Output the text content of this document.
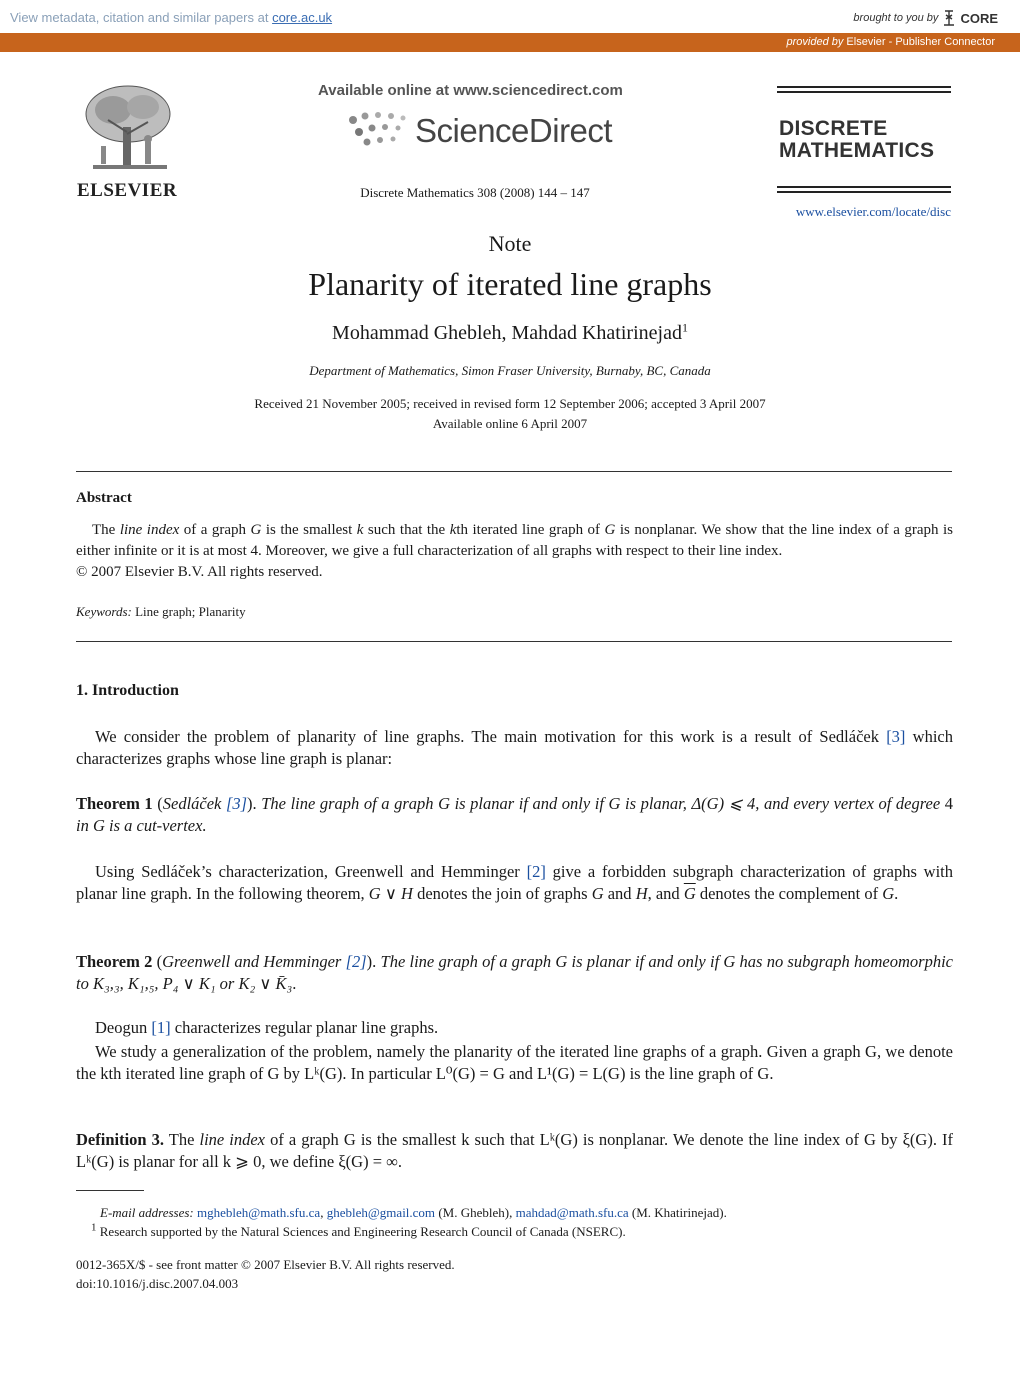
View metadata, citation and similar papers at core.ac.uk	brought to you by CORE
provided by Elsevier - Publisher Connector
ELSEVIER
Available online at www.sciencedirect.com
ScienceDirect
Discrete Mathematics 308 (2008) 144 – 147
DISCRETE
MATHEMATICS
www.elsevier.com/locate/disc
Note
Planarity of iterated line graphs
Mohammad Ghebleh, Mahdad Khatirinejad$^1$
Department of Mathematics, Simon Fraser University, Burnaby, BC, Canada
Received 21 November 2005; received in revised form 12 September 2006; accepted 3 April 2007
Available online 6 April 2007
Abstract
The line index of a graph G is the smallest k such that the kth iterated line graph of G is nonplanar. We show that the line index of a graph is either infinite or it is at most 4. Moreover, we give a full characterization of all graphs with respect to their line index.
© 2007 Elsevier B.V. All rights reserved.
Keywords: Line graph; Planarity
1. Introduction
We consider the problem of planarity of line graphs. The main motivation for this work is a result of Sedláček [3] which characterizes graphs whose line graph is planar:
Theorem 1 (Sedláček [3]). The line graph of a graph G is planar if and only if G is planar, Δ(G) ⩽ 4, and every vertex of degree 4 in G is a cut-vertex.
Using Sedláček’s characterization, Greenwell and Hemminger [2] give a forbidden subgraph characterization of graphs with planar line graph. In the following theorem, G ∨ H denotes the join of graphs G and H, and $\overline{G}$ denotes the complement of G.
Theorem 2 (Greenwell and Hemminger [2]). The line graph of a graph G is planar if and only if G has no subgraph homeomorphic to K₃,₃, K₁,₅, P₄ ∨ K₁ or K₂ ∨ K̄₃.
Deogun [1] characterizes regular planar line graphs.
We study a generalization of the problem, namely the planarity of the iterated line graphs of a graph. Given a graph G, we denote the kth iterated line graph of G by Lᵏ(G). In particular L⁰(G) = G and L¹(G) = L(G) is the line graph of G.
Definition 3. The line index of a graph G is the smallest k such that Lᵏ(G) is nonplanar. We denote the line index of G by ξ(G). If Lᵏ(G) is planar for all k ⩾ 0, we define ξ(G) = ∞.
E-mail addresses: mghebleh@math.sfu.ca, ghebleh@gmail.com (M. Ghebleh), mahdad@math.sfu.ca (M. Khatirinejad).
$^1$ Research supported by the Natural Sciences and Engineering Research Council of Canada (NSERC).
0012-365X/$ - see front matter © 2007 Elsevier B.V. All rights reserved.
doi:10.1016/j.disc.2007.04.003
